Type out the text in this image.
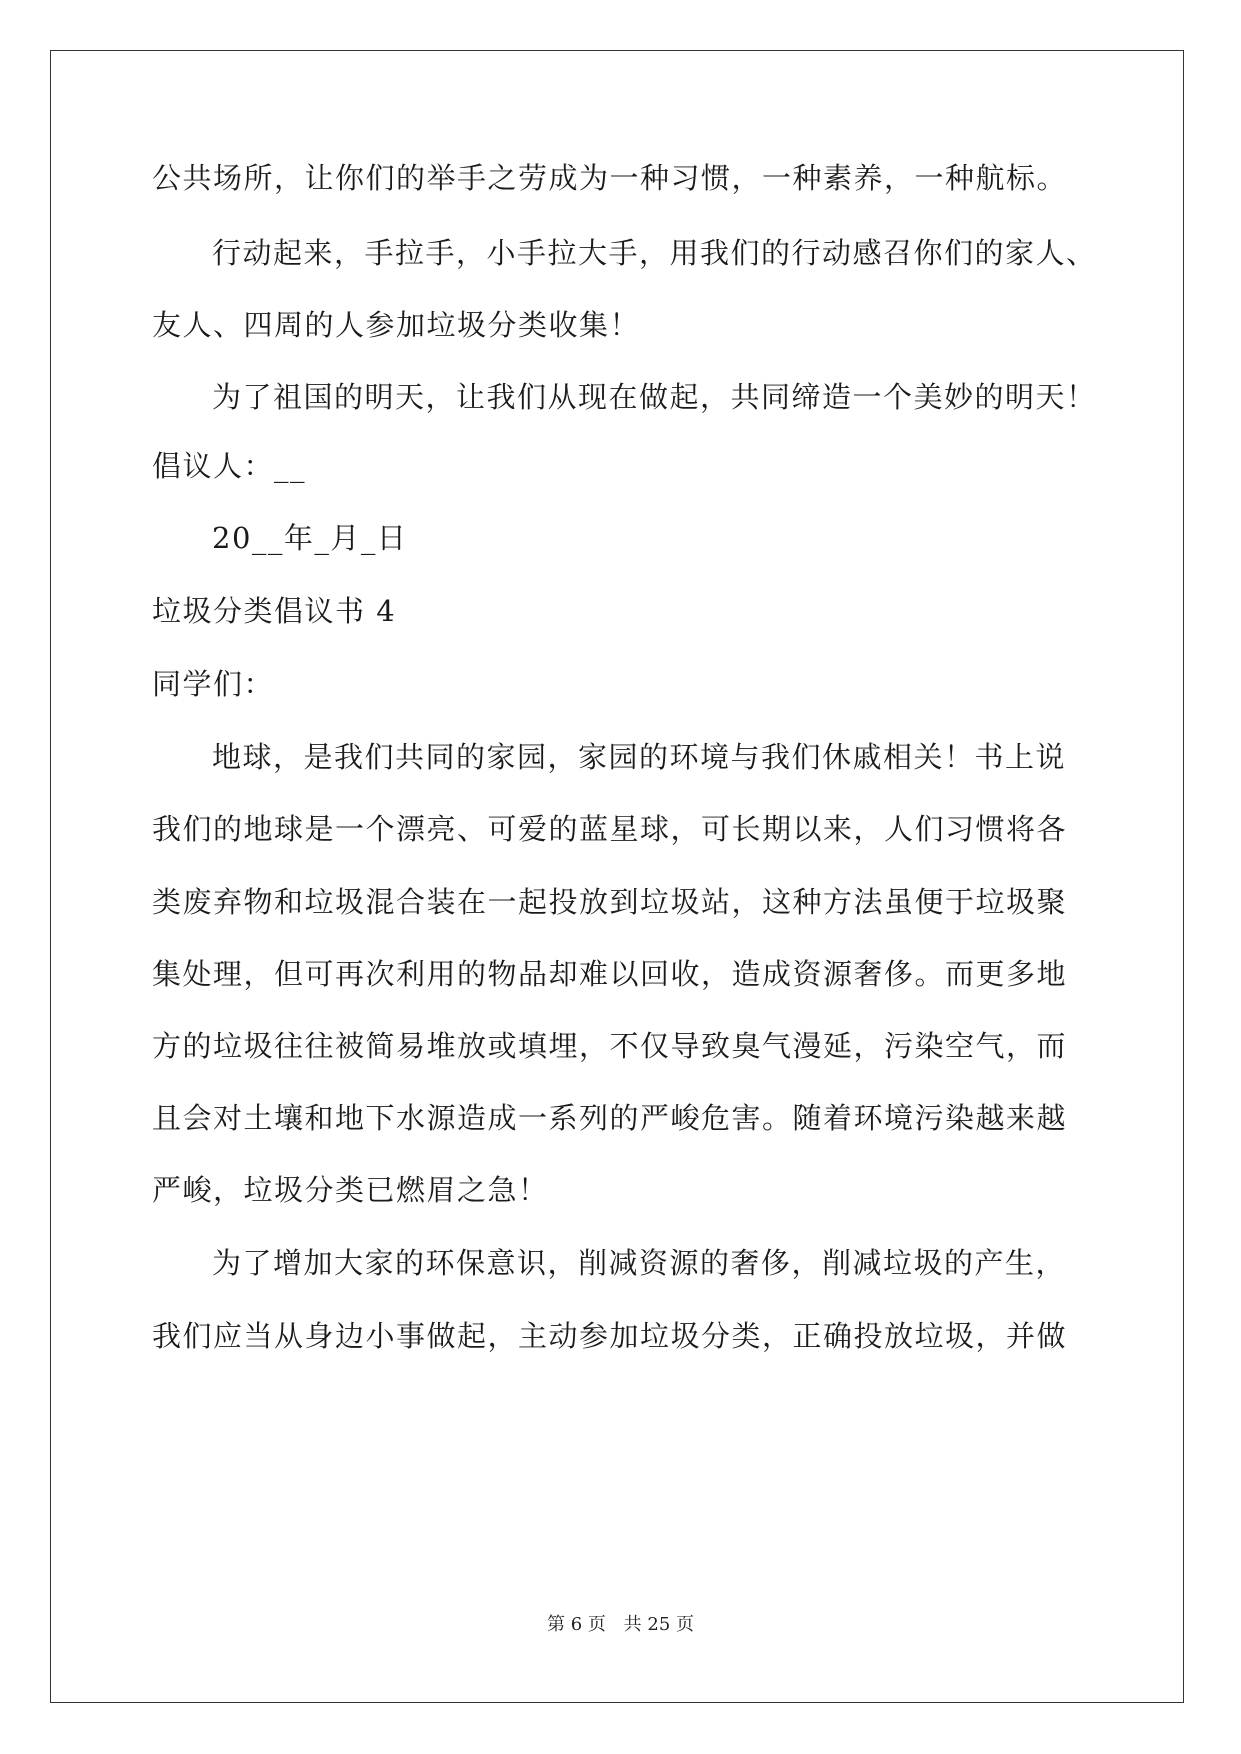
公共场所，让你们的举手之劳成为一种习惯，一种素养，一种航标。
行动起来，手拉手，小手拉大手，用我们的行动感召你们的家人、
友人、四周的人参加垃圾分类收集！
为了祖国的明天，让我们从现在做起，共同缔造一个美妙的明天！
倡议人：__
20__年_月_日
垃圾分类倡议书 4
同学们：
地球，是我们共同的家园，家园的环境与我们休戚相关！书上说
我们的地球是一个漂亮、可爱的蓝星球，可长期以来，人们习惯将各
类废弃物和垃圾混合装在一起投放到垃圾站，这种方法虽便于垃圾聚
集处理，但可再次利用的物品却难以回收，造成资源奢侈。而更多地
方的垃圾往往被简易堆放或填埋，不仅导致臭气漫延，污染空气，而
且会对土壤和地下水源造成一系列的严峻危害。随着环境污染越来越
严峻，垃圾分类已燃眉之急！
为了增加大家的环保意识，削减资源的奢侈，削减垃圾的产生，
我们应当从身边小事做起，主动参加垃圾分类，正确投放垃圾，并做
第 6 页 共 25 页
